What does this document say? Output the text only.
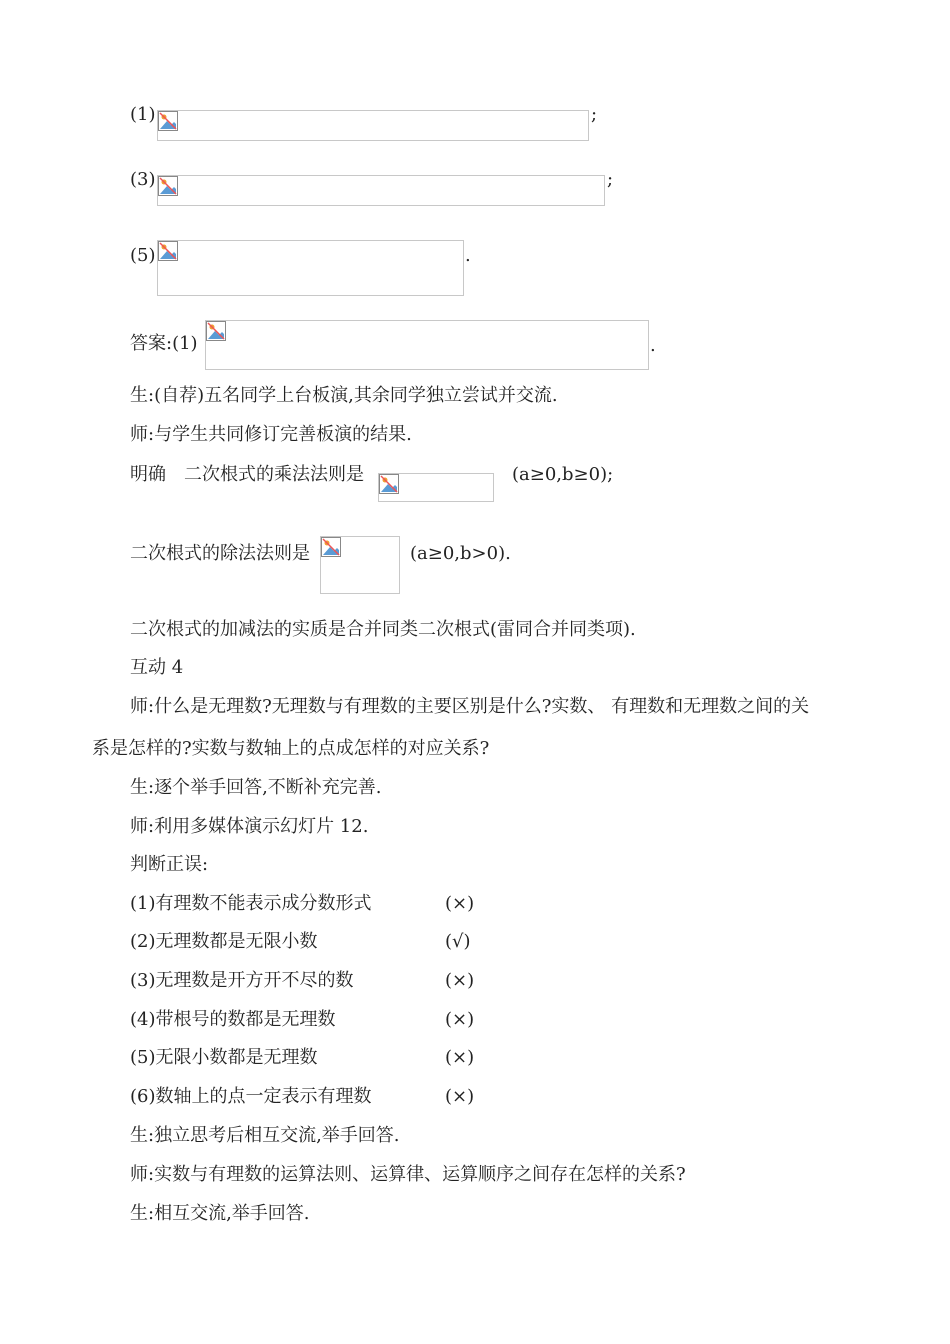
(1)	;
(3)	;
(5)	.
答案:(1)	.
生:(自荐)五名同学上台板演,其余同学独立尝试并交流.
师:与学生共同修订完善板演的结果.
明确　二次根式的乘法法则是	(a≥0,b≥0);
二次根式的除法法则是	(a≥0,b>0).
二次根式的加减法的实质是合并同类二次根式(雷同合并同类项).
互动 4
师:什么是无理数?无理数与有理数的主要区别是什么?实数、 有理数和无理数之间的关
系是怎样的?实数与数轴上的点成怎样的对应关系?
生:逐个举手回答,不断补充完善.
师:利用多媒体演示幻灯片 12.
判断正误:
(1)有理数不能表示成分数形式	(×)
(2)无理数都是无限小数	(√)
(3)无理数是开方开不尽的数	(×)
(4)带根号的数都是无理数	(×)
(5)无限小数都是无理数	(×)
(6)数轴上的点一定表示有理数	(×)
生:独立思考后相互交流,举手回答.
师:实数与有理数的运算法则、运算律、运算顺序之间存在怎样的关系?
生:相互交流,举手回答.
